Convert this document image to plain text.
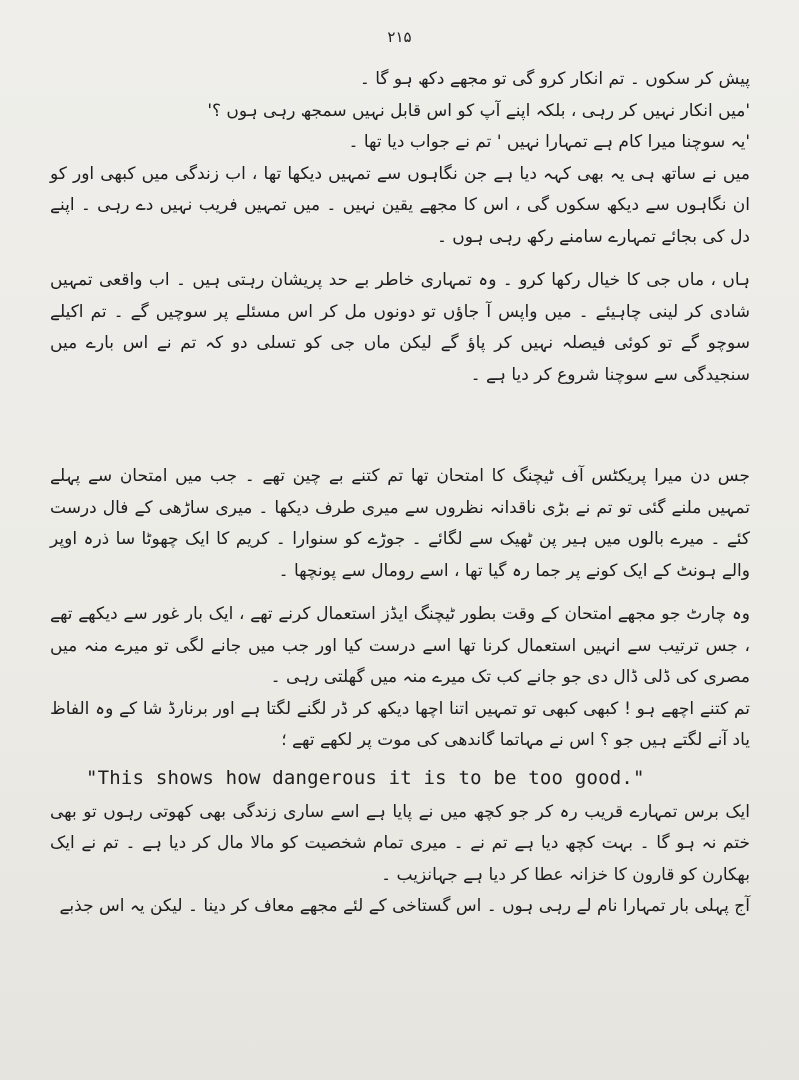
۲۱۵

پیش کر سکوں ۔ تم انکار کرو گی تو مجھے دکھ ہو گا ۔

'میں انکار نہیں کر رہی ، بلکہ اپنے آپ کو اس قابل نہیں سمجھ رہی ہوں ؟'

'یہ سوچنا میرا کام ہے تمہارا نہیں ' تم نے جواب دیا تھا ۔

میں نے ساتھ ہی یہ بھی کہہ دیا ہے جن نگاہوں سے تمہیں دیکھا تھا ، اب زندگی میں کبھی اور کو ان نگاہوں سے دیکھ سکوں گی ، اس کا مجھے یقین نہیں ۔ میں تمہیں فریب نہیں دے رہی ۔ اپنے دل کی بجائے تمہارے سامنے رکھ رہی ہوں ۔

ہاں ، ماں جی کا خیال رکھا کرو ۔ وہ تمہاری خاطر بے حد پریشان رہتی ہیں ۔ اب واقعی تمہیں شادی کر لینی چاہیئے ۔ میں واپس آ جاؤں تو دونوں مل کر اس مسئلے پر سوچیں گے ۔ تم اکیلے سوچو گے تو کوئی فیصلہ نہیں کر پاؤ گے لیکن ماں جی کو تسلی دو کہ تم نے اس بارے میں سنجیدگی سے سوچنا شروع کر دیا ہے ۔

جس دن میرا پریکٹس آف ٹیچنگ کا امتحان تھا تم کتنے بے چین تھے ۔ جب میں امتحان سے پہلے تمہیں ملنے گئی تو تم نے بڑی ناقدانہ نظروں سے میری طرف دیکھا ۔ میری ساڑھی کے فال درست کئے ۔ میرے بالوں میں ہیر پن ٹھیک سے لگائے ۔ جوڑے کو سنوارا ۔ کریم کا ایک چھوٹا سا ذرہ اوپر والے ہونٹ کے ایک کونے پر جما رہ گیا تھا ، اسے رومال سے پونچھا ۔

وہ چارٹ جو مجھے امتحان کے وقت بطور ٹیچنگ ایڈز استعمال کرنے تھے ، ایک بار غور سے دیکھے تھے ، جس ترتیب سے انہیں استعمال کرنا تھا اسے درست کیا اور جب میں جانے لگی تو میرے منہ میں مصری کی ڈلی ڈال دی جو جانے کب تک میرے منہ میں گھلتی رہی ۔

تم کتنے اچھے ہو ! کبھی کبھی تو تمہیں اتنا اچھا دیکھ کر ڈر لگنے لگتا ہے اور برنارڈ شا کے وہ الفاظ یاد آنے لگتے ہیں جو ؟ اس نے مہاتما گاندھی کی موت پر لکھے تھے ؛

"This shows how dangerous it is to be too good."

ایک برس تمہارے قریب رہ کر جو کچھ میں نے پایا ہے اسے ساری زندگی بھی کھوتی رہوں تو بھی ختم نہ ہو گا ۔ بہت کچھ دیا ہے تم نے ۔ میری تمام شخصیت کو مالا مال کر دیا ہے ۔ تم نے ایک بھکارن کو قارون کا خزانہ عطا کر دیا ہے جہانزیب ۔

آج پہلی بار تمہارا نام لے رہی ہوں ۔ اس گستاخی کے لئے مجھے معاف کر دینا ۔ لیکن یہ اس جذبے
